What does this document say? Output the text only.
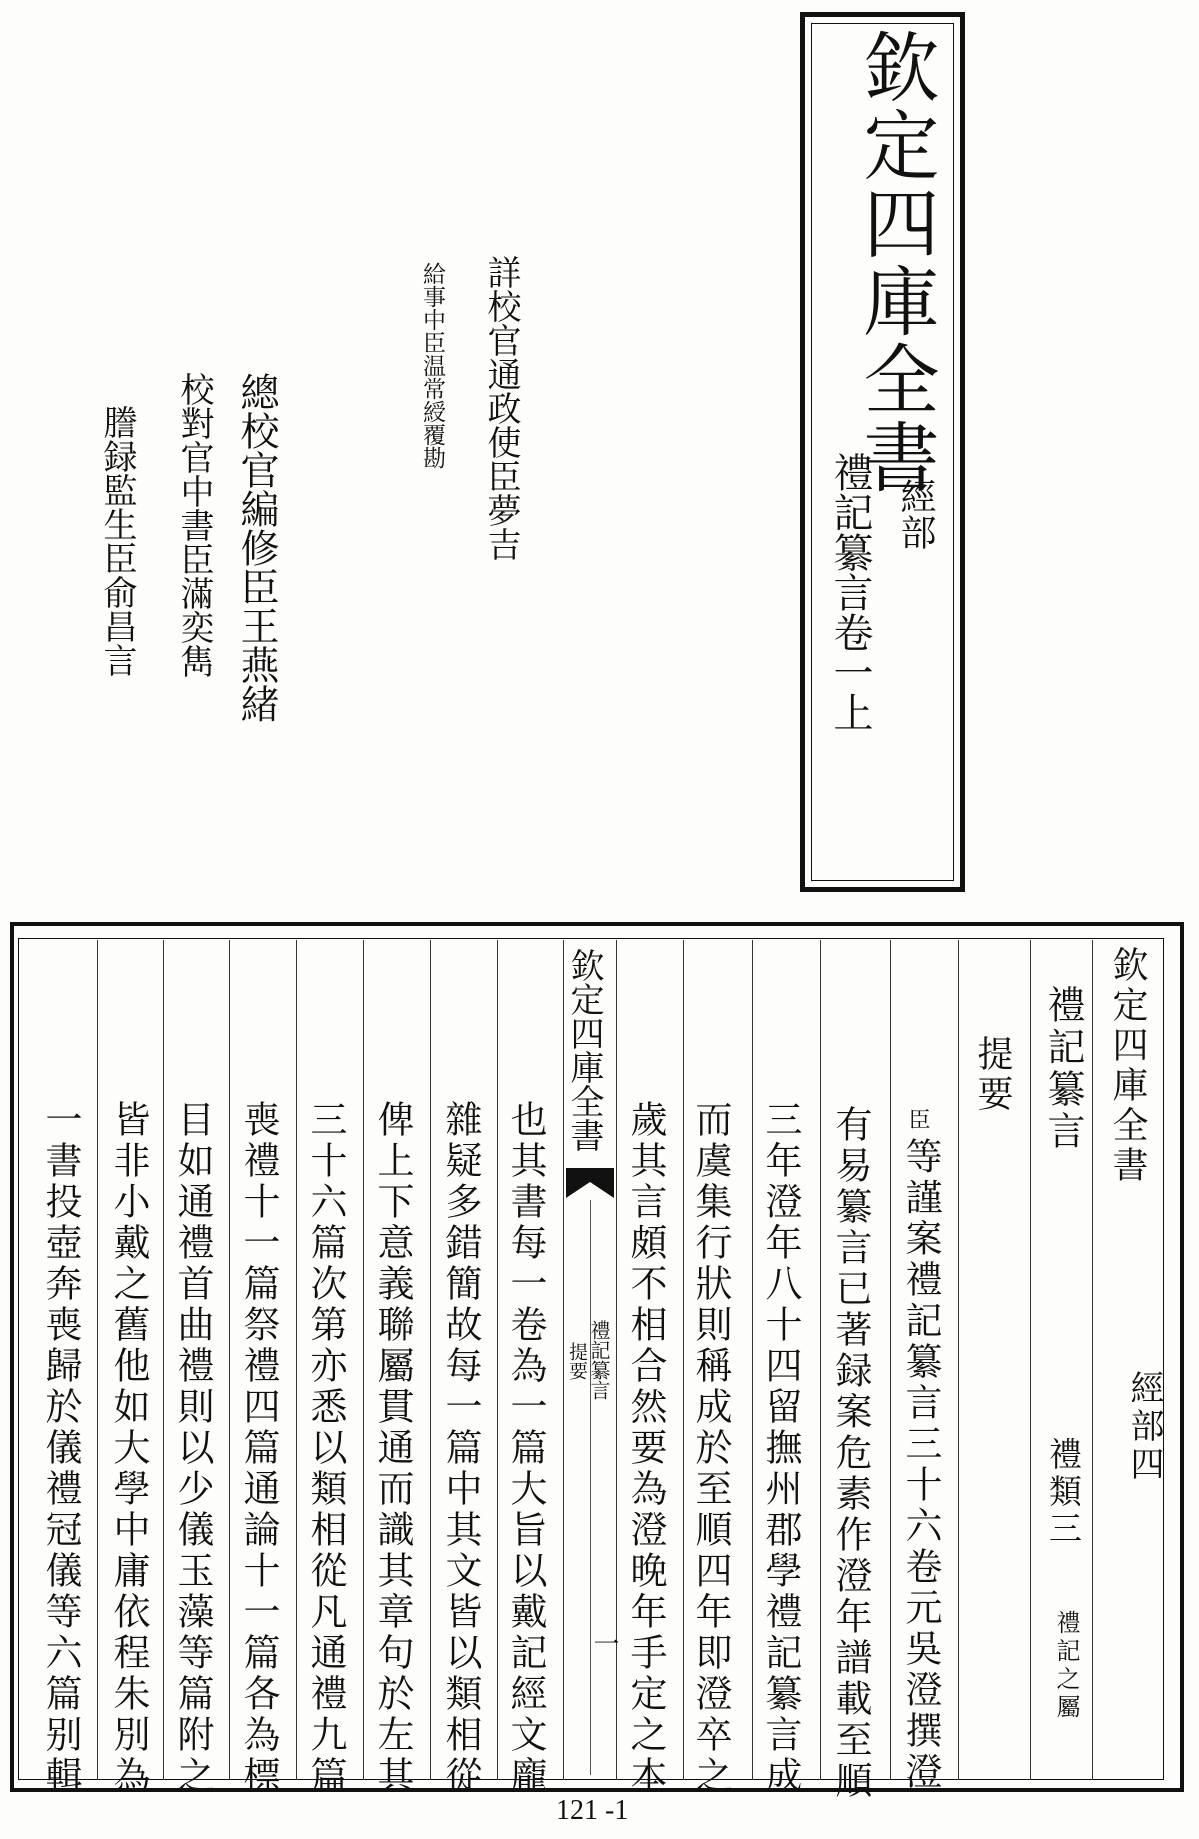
欽定四庫全書
經部
禮記纂言卷一上
詳校官通政使臣夢吉
給事中臣温常綬覆勘
總校官編修臣王燕緒
校對官中書臣滿奕雋
謄録監生臣俞昌言
欽定四庫全書
經部四
禮記纂言
禮類三
禮記之屬
提要
臣
等謹案禮記纂言三十六卷元吳澄撰澄
有易纂言已著録案危素作澄年譜載至順
三年澄年八十四留撫州郡學禮記纂言成
而虞集行狀則稱成於至順四年即澄卒之
歲其言頗不相合然要為澄晚年手定之本
欽定四庫全書
禮記纂言
提要
一
也其書每一卷為一篇大旨以戴記經文龐
雜疑多錯簡故每一篇中其文皆以類相從
俾上下意義聯屬貫通而識其章句於左其
三十六篇次第亦悉以類相從凡通禮九篇
喪禮十一篇祭禮四篇通論十一篇各為標
目如通禮首曲禮則以少儀玉藻等篇附之
皆非小戴之舊他如大學中庸依程朱別為
一書投壺奔喪歸於儀禮冠儀等六篇别輯
121 -1
